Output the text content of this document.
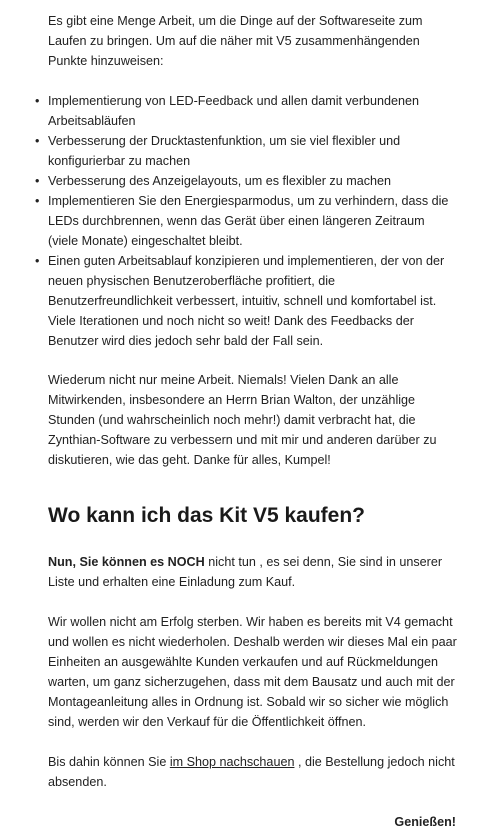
Es gibt eine Menge Arbeit, um die Dinge auf der Softwareseite zum Laufen zu bringen. Um auf die näher mit V5 zusammenhängenden Punkte hinzuweisen:

• Implementierung von LED-Feedback und allen damit verbundenen Arbeitsabläufen
• Verbesserung der Drucktastenfunktion, um sie viel flexibler und konfigurierbar zu machen
• Verbesserung des Anzeigelayouts, um es flexibler zu machen
• Implementieren Sie den Energiesparmodus, um zu verhindern, dass die LEDs durchbrennen, wenn das Gerät über einen längeren Zeitraum (viele Monate) eingeschaltet bleibt.
• Einen guten Arbeitsablauf konzipieren und implementieren, der von der neuen physischen Benutzeroberfläche profitiert, die Benutzerfreundlichkeit verbessert, intuitiv, schnell und komfortabel ist. Viele Iterationen und noch nicht so weit! Dank des Feedbacks der Benutzer wird dies jedoch sehr bald der Fall sein.

Wiederum nicht nur meine Arbeit. Niemals! Vielen Dank an alle Mitwirkenden, insbesondere an Herrn Brian Walton, der unzählige Stunden (und wahrscheinlich noch mehr!) damit verbracht hat, die Zynthian-Software zu verbessern und mit mir und anderen darüber zu diskutieren, wie das geht. Danke für alles, Kumpel!

Wo kann ich das Kit V5 kaufen?

Nun, Sie können es NOCH nicht tun , es sei denn, Sie sind in unserer Liste und erhalten eine Einladung zum Kauf.

Wir wollen nicht am Erfolg sterben. Wir haben es bereits mit V4 gemacht und wollen es nicht wiederholen. Deshalb werden wir dieses Mal ein paar Einheiten an ausgewählte Kunden verkaufen und auf Rückmeldungen warten, um ganz sicherzugehen, dass mit dem Bausatz und auch mit der Montageanleitung alles in Ordnung ist. Sobald wir so sicher wie möglich sind, werden wir den Verkauf für die Öffentlichkeit öffnen.

Bis dahin können Sie im Shop nachschauen , die Bestellung jedoch nicht absenden.

Genießen!
